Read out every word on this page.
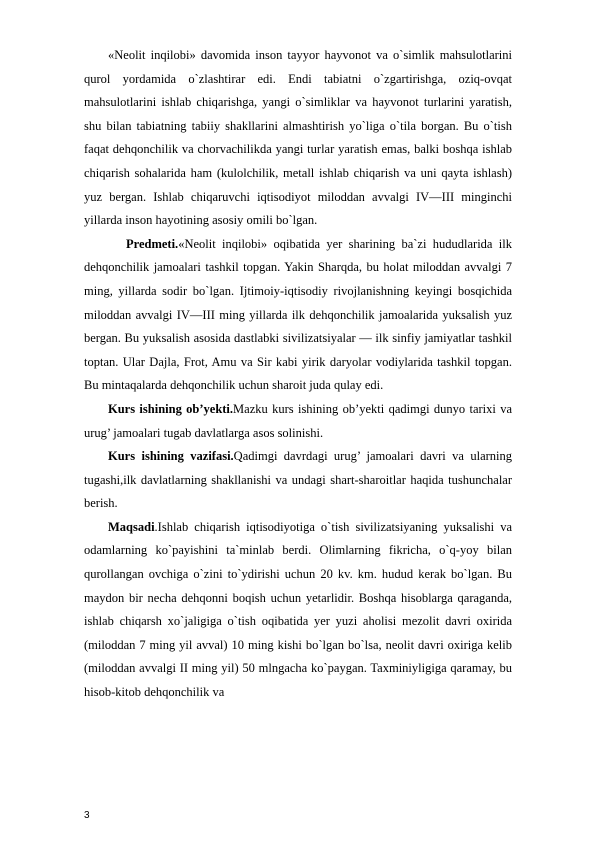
«Neolit inqilobi» davomida inson tayyor hayvonot va o`simlik mahsulotlarini qurol yordamida o`zlashtirar edi. Endi tabiatni o`zgartirishga, oziq-ovqat mahsulotlarini ishlab chiqarishga, yangi o`simliklar va hayvonot turlarini yaratish, shu bilan tabiatning tabiiy shakllarini almashtirish yo`liga o`tila borgan. Bu o`tish faqat dehqonchilik va chorvachilikda yangi turlar yaratish emas, balki boshqa ishlab chiqarish sohalarida ham (kulolchilik, metall ishlab chiqarish va uni qayta ishlash) yuz bergan. Ishlab chiqaruvchi iqtisodiyot miloddan avvalgi IV—III minginchi yillarda inson hayotining asosiy omili bo`lgan.

Predmeti.«Neolit inqilobi» oqibatida yer sharining ba`zi hududlarida ilk dehqonchilik jamoalari tashkil topgan. Yakin Sharqda, bu holat miloddan avvalgi 7 ming, yillarda sodir bo`lgan. Ijtimoiy-iqtisodiy rivojlanishning keyingi bosqichida miloddan avvalgi IV—III ming yillarda ilk dehqonchilik jamoalarida yuksalish yuz bergan. Bu yuksalish asosida dastlabki sivilizatsiyalar — ilk sinfiy jamiyatlar tashkil toptan. Ular Dajla, Frot, Amu va Sir kabi yirik daryolar vodiylarida tashkil topgan. Bu mintaqalarda dehqonchilik uchun sharoit juda qulay edi.

Kurs ishining ob’yekti.Mazku kurs ishining ob’yekti qadimgi dunyo tarixi va urug’ jamoalari tugab davlatlarga asos solinishi.

Kurs ishining vazifasi.Qadimgi davrdagi urug’ jamoalari davri va ularning tugashi,ilk davlatlarning shakllanishi va undagi shart-sharoitlar haqida tushunchalar berish.

Maqsadi.Ishlab chiqarish iqtisodiyotiga o`tish sivilizatsiyaning yuksalishi va odamlarning ko`payishini ta`minlab berdi. Olimlarning fikricha, o`q-yoy bilan qurollangan ovchiga o`zini to`ydirishi uchun 20 kv. km. hudud kerak bo`lgan. Bu maydon bir necha dehqonni boqish uchun yetarlidir. Boshqa hisoblarga qaraganda, ishlab chiqarsh xo`jaligiga o`tish oqibatida yer yuzi aholisi mezolit davri oxirida (miloddan 7 ming yil avval) 10 ming kishi bo`lgan bo`lsa, neolit davri oxiriga kelib (miloddan avvalgi II ming yil) 50 mlngacha ko`paygan. Taxminiyligiga qaramay, bu hisob-kitob dehqonchilik va

3
